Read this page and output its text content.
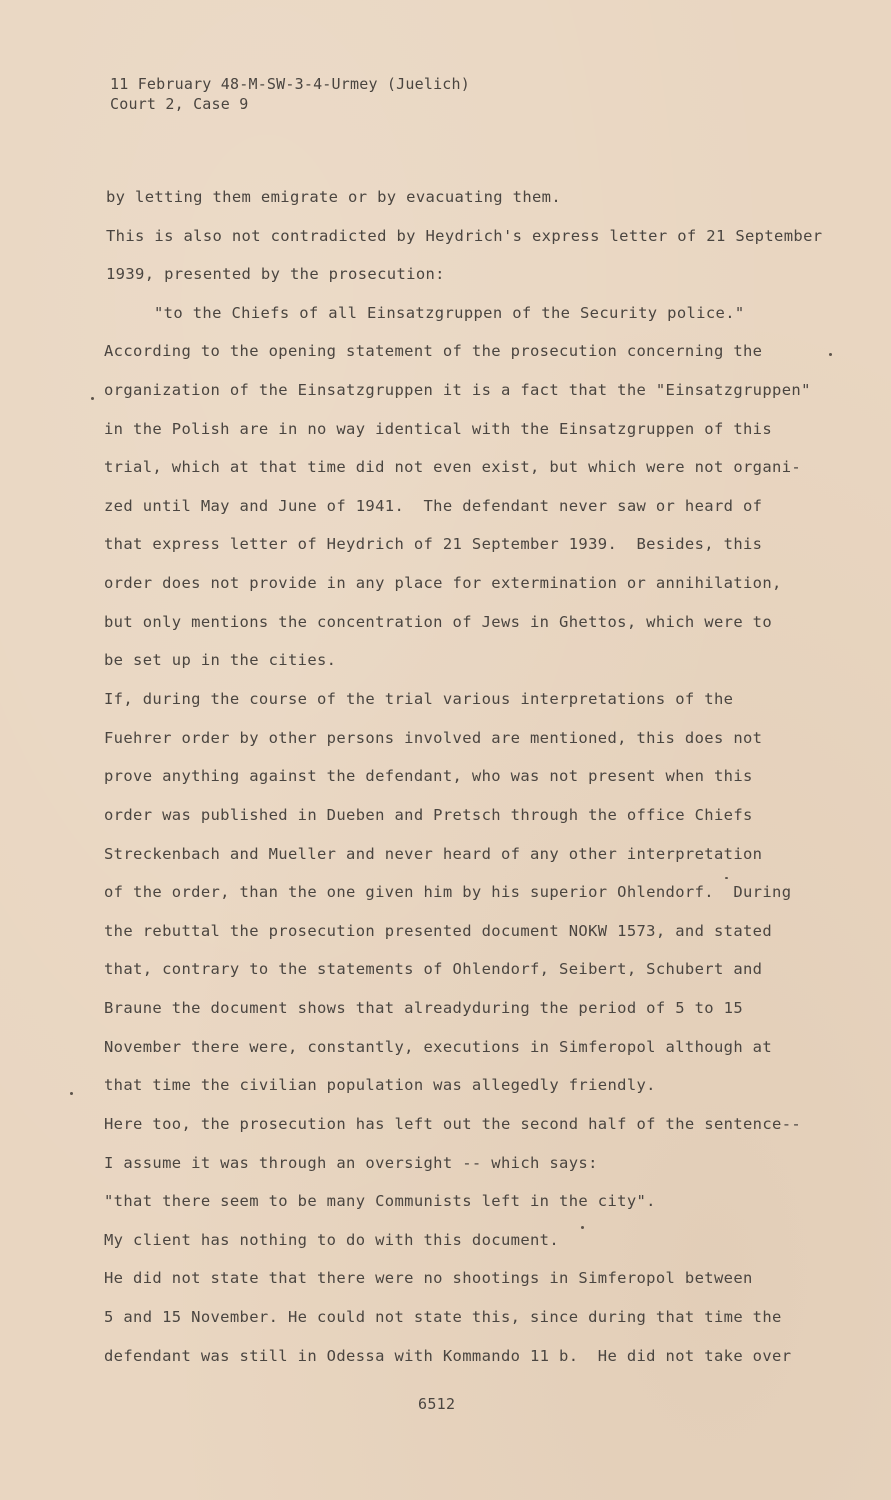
11 February 48-M-SW-3-4-Urmey (Juelich)
Court 2, Case 9
by letting them emigrate or by evacuating them.
This is also not contradicted by Heydrich's express letter of 21 September
1939, presented by the prosecution:
"to the Chiefs of all Einsatzgruppen of the Security police."
According to the opening statement of the prosecution concerning the
organization of the Einsatzgruppen it is a fact that the "Einsatzgruppen"
in the Polish are in no way identical with the Einsatzgruppen of this
trial, which at that time did not even exist, but which were not organi-
zed until May and June of 1941.  The defendant never saw or heard of
that express letter of Heydrich of 21 September 1939.  Besides, this
order does not provide in any place for extermination or annihilation,
but only mentions the concentration of Jews in Ghettos, which were to
be set up in the cities.
If, during the course of the trial various interpretations of the
Fuehrer order by other persons involved are mentioned, this does not
prove anything against the defendant, who was not present when this
order was published in Dueben and Pretsch through the office Chiefs
Streckenbach and Mueller and never heard of any other interpretation
of the order, than the one given him by his superior Ohlendorf.  During
the rebuttal the prosecution presented document NOKW 1573, and stated
that, contrary to the statements of Ohlendorf, Seibert, Schubert and
Braune the document shows that alreadyduring the period of 5 to 15
November there were, constantly, executions in Simferopol although at
that time the civilian population was allegedly friendly.
Here too, the prosecution has left out the second half of the sentence--
I assume it was through an oversight -- which says:
"that there seem to be many Communists left in the city".
My client has nothing to do with this document.
He did not state that there were no shootings in Simferopol between
5 and 15 November. He could not state this, since during that time the
defendant was still in Odessa with Kommando 11 b.  He did not take over
6512
